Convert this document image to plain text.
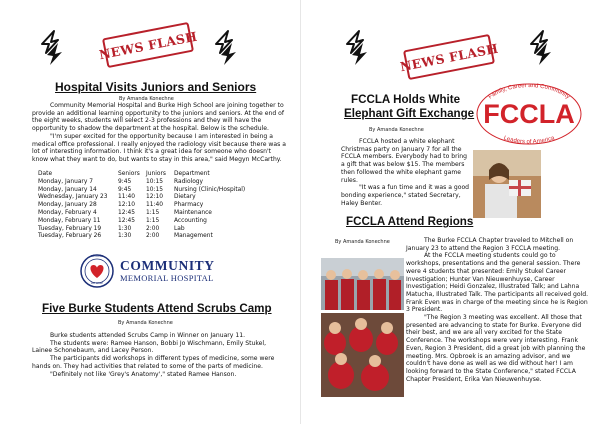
NEWS FLASH
Hospital Visits Juniors and Seniors
By Amanda Konechne

Community Memorial Hospital and Burke High School are joining together to provide an additional learning opportunity to the juniors and seniors. At the end of the eight weeks, students will select 2-3 professions and they will have the opportunity to shadow the department at the hospital. Below is the schedule.

"I'm super excited for the opportunity because I am interested in being a medical office professional. I really enjoyed the radiology visit because there was a lot of interesting information. I think it's a great idea for someone who doesn't know what they want to do, but wants to stay in this area," said Megyn McCarthy.

Date	Seniors	Juniors	Department
Monday, January 7	9:45	10:15	Radiology
Monday, January 14	9:45	10:15	Nursing (Clinic/Hospital)
Wednesday, January 23	11:40	12:10	Dietary
Monday, January 28	12:10	11:40	Pharmacy
Monday, February 4	12:45	1:15	Maintenance
Monday, February 11	12:45	1:15	Accounting
Tuesday, February 19	1:30	2:00	Lab
Tuesday, February 26	1:30	2:00	Management
BECAUSE
WE CARE
COMMUNITY
MEMORIAL HOSPITAL
Five Burke Students Attend Scrubs Camp
By Amanda Konechne

Burke students attended Scrubs Camp in Winner on January 11.

The students were: Ramee Hanson, Bobbi Jo Wischmann, Emily Stukel, Lainee Schonebaum, and Lacey Person.

The participants did workshops in different types of medicine, some were hands on. They had activities that related to some of the parts of medicine.

"Definitely not like 'Grey's Anatomy'," stated Ramee Hanson.

NEWS FLASH
FCCLA Holds White
Elephant Gift Exchange
By Amanda Konechne

FCCLA hosted a white elephant Christmas party on January 7 for all the FCCLA members. Everybody had to bring a gift that was below $15. The members then followed the white elephant game rules.

"It was a fun time and it was a good bonding experience," stated Secretary, Haley Benter.

FCCLA Attend Regions
By Amanda Konechne	The Burke FCCLA Chapter traveled to Mitchell on January 23 to attend the Region 3 FCCLA meeting.

At the FCCLA meeting students could go to workshops, presentations and the general session. There were 4 students that presented: Emily Stukel Career Investigation; Hunter Van Nieuwenhuyse, Career Investigation; Heidi Gonzalez, Illustrated Talk; and Lahna Matucha, Illustrated Talk. The participants all received gold. Frank Even was in charge of the meeting since he is Region 3 President.

"The Region 3 meeting was excellent. All those that presented are advancing to state for Burke. Everyone did their best, and we are all very excited for the State Conference. The workshops were very interesting. Frank Even, Region 3 President, did a great job with planning the meeting. Mrs. Opbroek is an amazing advisor, and we couldn't have done as well as we did without her! I am looking forward to the State Conference," stated FCCLA Chapter President, Erika Van Nieuwenhuyse.

Family, Career and Community
Leaders of America
FCCLA
